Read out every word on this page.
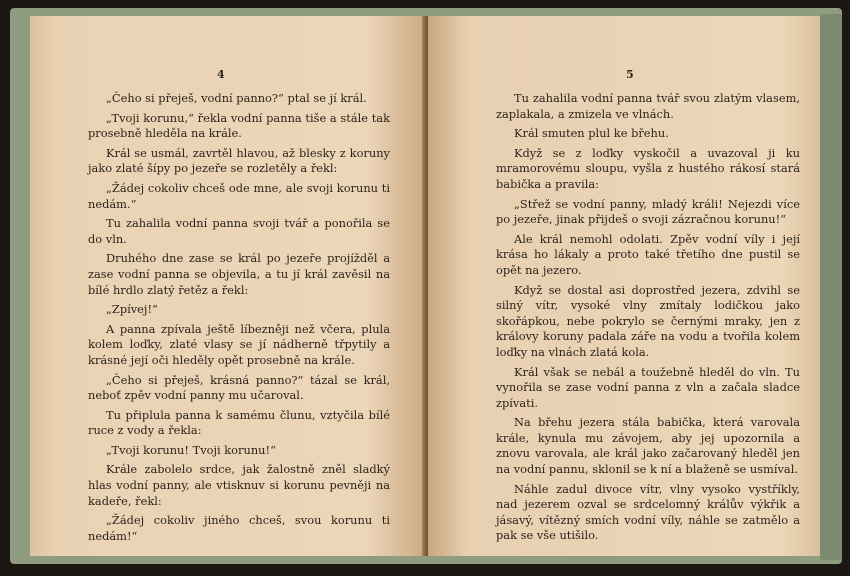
4

„Čeho si přeješ, vodní panno?“ ptal se jí král.

„Tvoji korunu,“ řekla vodní panna tiše a stále tak prosebně hleděla na krále.

Král se usmál, zavrtěl hlavou, až blesky z koruny jako zlaté šípy po jezeře se rozletěly a řekl:

„Žádej cokoliv chceš ode mne, ale svoji korunu ti nedám.“

Tu zahalila vodní panna svoji tvář a ponořila se do vln.

Druhého dne zase se král po jezeře projížděl a zase vodní panna se objevila, a tu jí král zavěsil na bílé hrdlo zlatý řetěz a řekl:

„Zpívej!“

A panna zpívala ještě líbezněji než včera, plula kolem loďky, zlaté vlasy se jí nádherně třpytily a krásné její oči hleděly opět prosebně na krále.

„Čeho si přeješ, krásná panno?“ tázal se král, neboť zpěv vodní panny mu učaroval.

Tu připlula panna k samému člunu, vztyčila bílé ruce z vody a řekla:

„Tvoji korunu! Tvoji korunu!“

Krále zabolelo srdce, jak žalostně zněl sladký hlas vodní panny, ale vtisknuv si korunu pevněji na kadeře, řekl:

„Žádej cokoliv jiného chceš, svou korunu ti nedám!“

5

Tu zahalila vodní panna tvář svou zlatým vlasem, zaplakala, a zmizela ve vlnách.

Král smuten plul ke břehu.

Když se z loďky vyskočil a uvazoval ji ku mramorovému sloupu, vyšla z hustého rákosí stará babička a pravila:

„Střež se vodní panny, mladý králi! Nejezdi více po jezeře, jinak přijdeš o svoji zázračnou korunu!“

Ale král nemohl odolati. Zpěv vodní víly i její krása ho lákaly a proto také třetího dne pustil se opět na jezero.

Když se dostal asi doprostřed jezera, zdvihl se silný vítr, vysoké vlny zmítaly lodičkou jako skořápkou, nebe pokrylo se černými mraky, jen z královy koruny padala záře na vodu a tvořila kolem loďky na vlnách zlatá kola.

Král však se nebál a toužebně hleděl do vln. Tu vynořila se zase vodní panna z vln a začala sladce zpívati.

Na břehu jezera stála babička, která varovala krále, kynula mu závojem, aby jej upozornila a znovu varovala, ale král jako začarovaný hleděl jen na vodní pannu, sklonil se k ní a blaženě se usmíval.

Náhle zadul divoce vítr, vlny vysoko vystříkly, nad jezerem ozval se srdcelomný králův výkřik a jásavý, vítězný smích vodní víly, náhle se zatmělo a pak se vše utišilo.
